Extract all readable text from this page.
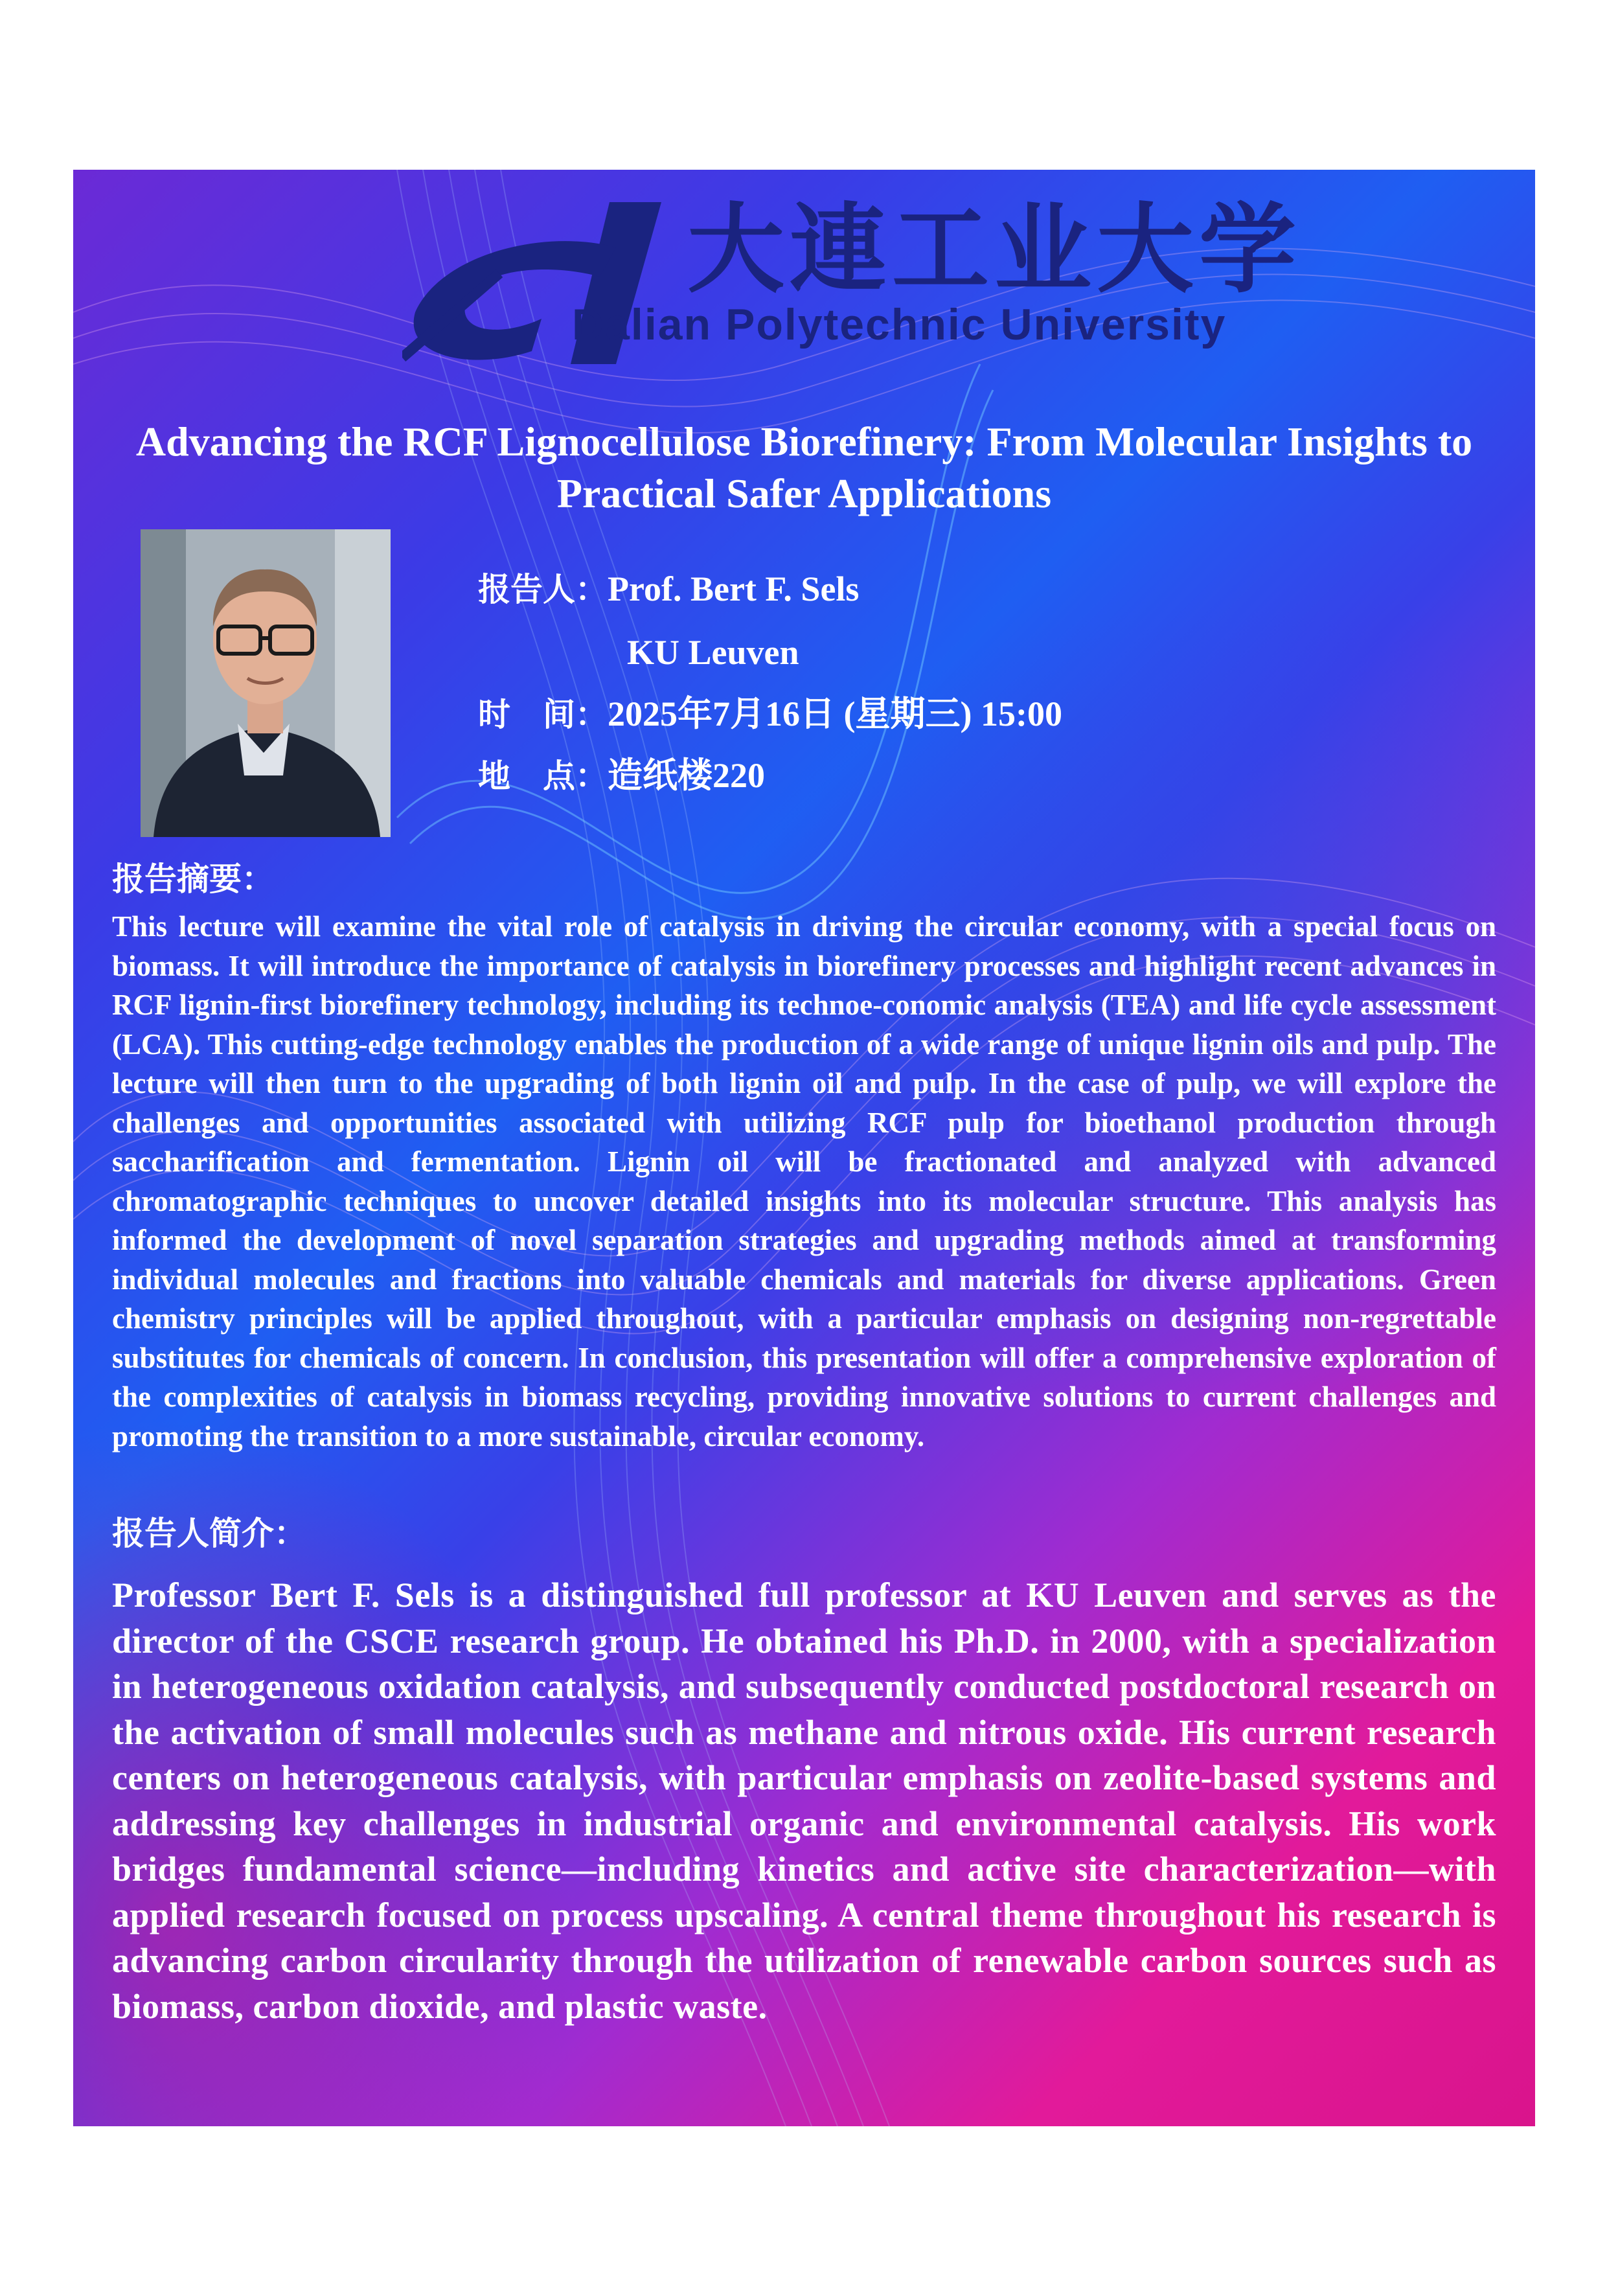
大連工业大学
Dalian Polytechnic University
Advancing the RCF Lignocellulose Biorefinery: From Molecular Insights to Practical Safer Applications
报告人：Prof. Bert F. Sels
KU Leuven
时　间：2025年7月16日 (星期三) 15:00
地　点：造纸楼220
报告摘要：
This lecture will examine the vital role of catalysis in driving the circular economy, with a special focus on biomass. It will introduce the importance of catalysis in biorefinery processes and highlight recent advances in RCF lignin-first biorefinery technology, including its technoe-conomic analysis (TEA) and life cycle assessment (LCA). This cutting-edge technology enables the production of a wide range of unique lignin oils and pulp. The lecture will then turn to the upgrading of both lignin oil and pulp. In the case of pulp, we will explore the challenges and opportunities associated with utilizing RCF pulp for bioethanol production through saccharification and fermentation. Lignin oil will be fractionated and analyzed with advanced chromatographic techniques to uncover detailed insights into its molecular structure. This analysis has informed the development of novel separation strategies and upgrading methods aimed at transforming individual molecules and fractions into valuable chemicals and materials for diverse applications. Green chemistry principles will be applied throughout, with a particular emphasis on designing non-regrettable substitutes for chemicals of concern. In conclusion, this presentation will offer a comprehensive exploration of the complexities of catalysis in biomass recycling, providing innovative solutions to current challenges and promoting the transition to a more sustainable, circular economy.
报告人简介：
Professor Bert F. Sels is a distinguished full professor at KU Leuven and serves as the director of the CSCE research group. He obtained his Ph.D. in 2000, with a specialization in heterogeneous oxidation catalysis, and subsequently conducted postdoctoral research on the activation of small molecules such as methane and nitrous oxide. His current research centers on heterogeneous catalysis, with particular emphasis on zeolite-based systems and addressing key challenges in industrial organic and environmental catalysis. His work bridges fundamental science—including kinetics and active site characterization—with applied research focused on process upscaling. A central theme throughout his research is advancing carbon circularity through the utilization of renewable carbon sources such as biomass, carbon dioxide, and plastic waste.
